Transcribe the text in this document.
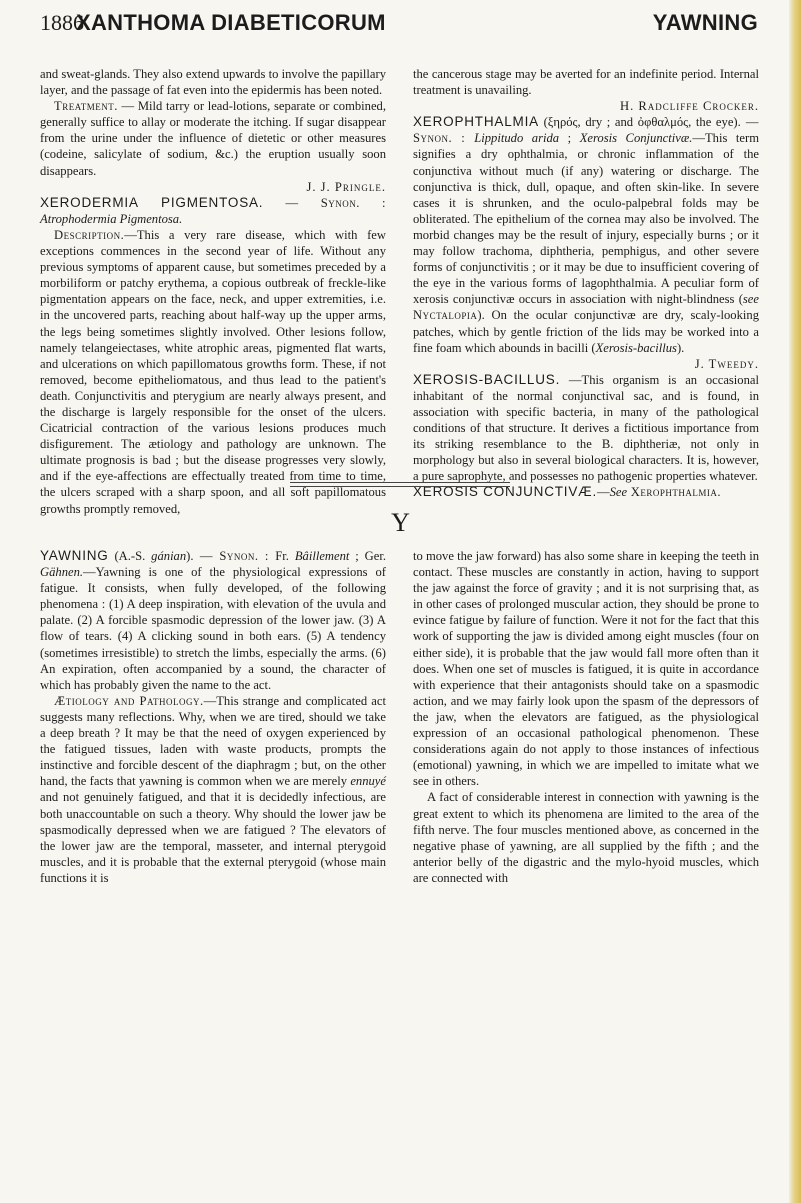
1886
XANTHOMA DIABETICORUM	YAWNING

and sweat-glands. They also extend upwards to involve the papillary layer, and the passage of fat even into the epidermis has been noted.

Treatment. — Mild tarry or lead-lotions, separate or combined, generally suffice to allay or moderate the itching. If sugar disappear from the urine under the influence of dietetic or other measures (codeine, salicylate of sodium, &c.) the eruption usually soon disappears.

J. J. Pringle.

XERODERMIA PIGMENTOSA. — Synon. : Atrophodermia Pigmentosa.

Description.—This a very rare disease, which with few exceptions commences in the second year of life. Without any previous symptoms of apparent cause, but sometimes preceded by a morbiliform or patchy erythema, a copious outbreak of freckle-like pigmentation appears on the face, neck, and upper extremities, i.e. in the uncovered parts, reaching about half-way up the upper arms, the legs being sometimes slightly involved. Other lesions follow, namely telangeiectases, white atrophic areas, pigmented flat warts, and ulcerations on which papillomatous growths form. These, if not removed, become epitheliomatous, and thus lead to the patient's death. Conjunctivitis and pterygium are nearly always present, and the discharge is largely responsible for the onset of the ulcers. Cicatricial contraction of the various lesions produces much disfigurement. The ætiology and pathology are unknown. The ultimate prognosis is bad ; but the disease progresses very slowly, and if the eye-affections are effectually treated from time to time, the ulcers scraped with a sharp spoon, and all soft papillomatous growths promptly removed,

the cancerous stage may be averted for an indefinite period. Internal treatment is unavailing.

H. Radcliffe Crocker.

XEROPHTHALMIA (ξηρός, dry ; and ὀφθαλμός, the eye). — Synon. : Lippitudo arida ; Xerosis Conjunctivæ.—This term signifies a dry ophthalmia, or chronic inflammation of the conjunctiva without much (if any) watering or discharge. The conjunctiva is thick, dull, opaque, and often skin-like. In severe cases it is shrunken, and the oculo-palpebral folds may be obliterated. The epithelium of the cornea may also be involved. The morbid changes may be the result of injury, especially burns ; or it may follow trachoma, diphtheria, pemphigus, and other severe forms of conjunctivitis ; or it may be due to insufficient covering of the eye in the various forms of lagophthalmia. A peculiar form of xerosis conjunctivæ occurs in association with night-blindness (see Nyctalopia). On the ocular conjunctivæ are dry, scaly-looking patches, which by gentle friction of the lids may be worked into a fine foam which abounds in bacilli (Xerosis-bacillus).

J. Tweedy.

XEROSIS-BACILLUS. —This organism is an occasional inhabitant of the normal conjunctival sac, and is found, in association with specific bacteria, in many of the pathological conditions of that structure. It derives a fictitious importance from its striking resemblance to the B. diphtheriæ, not only in morphology but also in several biological characters. It is, however, a pure saprophyte, and possesses no pathogenic properties whatever.

XEROSIS CONJUNCTIVÆ.—See Xerophthalmia.

Y

YAWNING (A.-S. gánian). — Synon. : Fr. Bâillement ; Ger. Gähnen.—Yawning is one of the physiological expressions of fatigue. It consists, when fully developed, of the following phenomena : (1) A deep inspiration, with elevation of the uvula and palate. (2) A forcible spasmodic depression of the lower jaw. (3) A flow of tears. (4) A clicking sound in both ears. (5) A tendency (sometimes irresistible) to stretch the limbs, especially the arms. (6) An expiration, often accompanied by a sound, the character of which has probably given the name to the act.

Ætiology and Pathology.—This strange and complicated act suggests many reflections. Why, when we are tired, should we take a deep breath ? It may be that the need of oxygen experienced by the fatigued tissues, laden with waste products, prompts the instinctive and forcible descent of the diaphragm ; but, on the other hand, the facts that yawning is common when we are merely ennuyé and not genuinely fatigued, and that it is decidedly infectious, are both unaccountable on such a theory. Why should the lower jaw be spasmodically depressed when we are fatigued ? The elevators of the lower jaw are the temporal, masseter, and internal pterygoid muscles, and it is probable that the external pterygoid (whose main functions it is

to move the jaw forward) has also some share in keeping the teeth in contact. These muscles are constantly in action, having to support the jaw against the force of gravity ; and it is not surprising that, as in other cases of prolonged muscular action, they should be prone to evince fatigue by failure of function. Were it not for the fact that this work of supporting the jaw is divided among eight muscles (four on either side), it is probable that the jaw would fall more often than it does. When one set of muscles is fatigued, it is quite in accordance with experience that their antagonists should take on a spasmodic action, and we may fairly look upon the spasm of the depressors of the jaw, when the elevators are fatigued, as the physiological expression of an occasional pathological phenomenon. These considerations again do not apply to those instances of infectious (emotional) yawning, in which we are impelled to imitate what we see in others.

A fact of considerable interest in connection with yawning is the great extent to which its phenomena are limited to the area of the fifth nerve. The four muscles mentioned above, as concerned in the negative phase of yawning, are all supplied by the fifth ; and the anterior belly of the digastric and the mylo-hyoid muscles, which are connected with
